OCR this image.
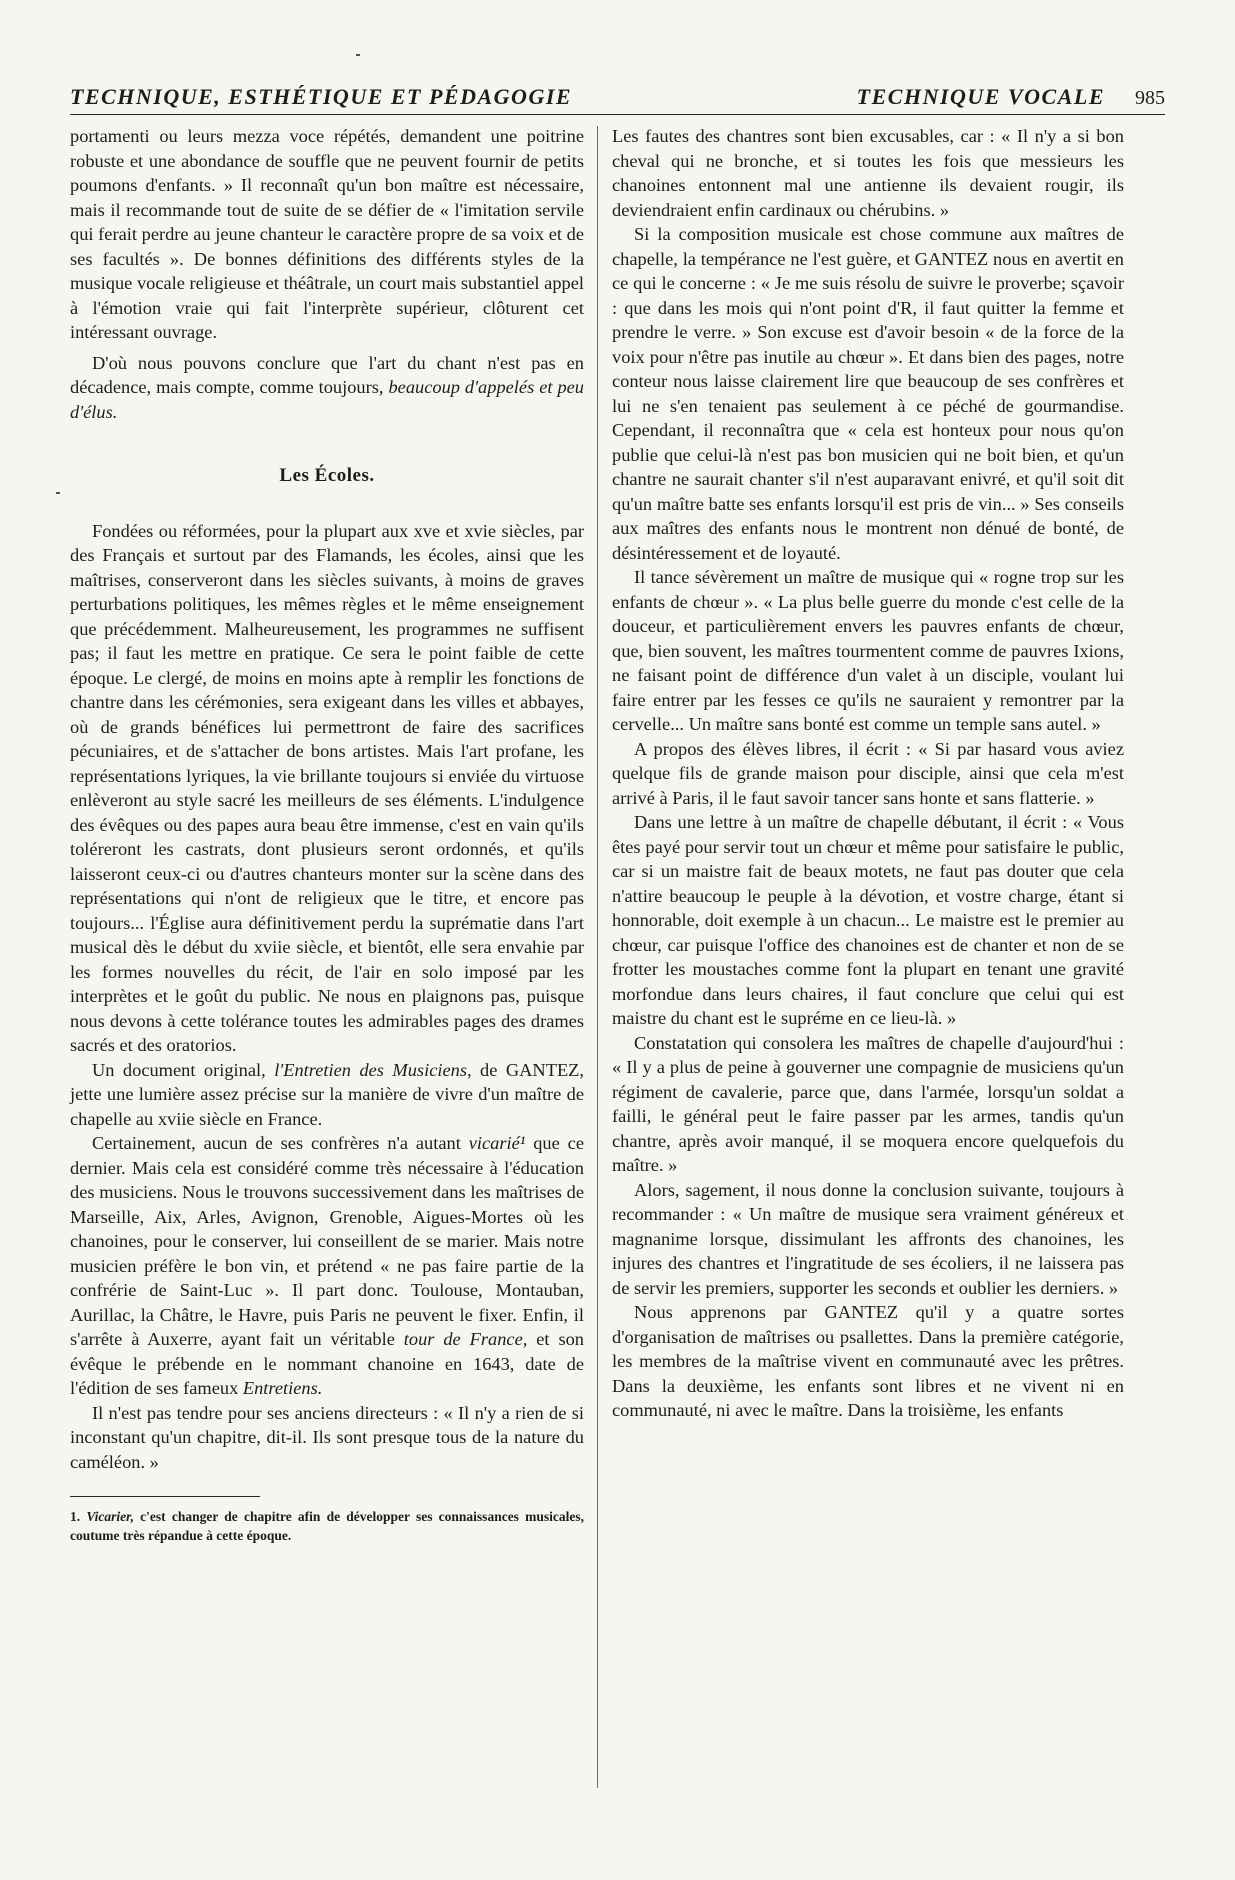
TECHNIQUE, ESTHÉTIQUE ET PÉDAGOGIE	TECHNIQUE VOCALE 985

portamenti ou leurs mezza voce répétés, demandent une poitrine robuste et une abondance de souffle que ne peuvent fournir de petits poumons d'enfants. » Il reconnaît qu'un bon maître est nécessaire, mais il recommande tout de suite de se défier de « l'imitation servile qui ferait perdre au jeune chanteur le caractère propre de sa voix et de ses facultés ». De bonnes définitions des différents styles de la musique vocale religieuse et théâtrale, un court mais substantiel appel à l'émotion vraie qui fait l'interprète supérieur, clôturent cet intéressant ouvrage.

D'où nous pouvons conclure que l'art du chant n'est pas en décadence, mais compte, comme toujours, beaucoup d'appelés et peu d'élus.

Les Écoles.

Fondées ou réformées, pour la plupart aux xve et xvie siècles, par des Français et surtout par des Flamands, les écoles, ainsi que les maîtrises, conserveront dans les siècles suivants, à moins de graves perturbations politiques, les mêmes règles et le même enseignement que précédemment. Malheureusement, les programmes ne suffisent pas; il faut les mettre en pratique. Ce sera le point faible de cette époque. Le clergé, de moins en moins apte à remplir les fonctions de chantre dans les cérémonies, sera exigeant dans les villes et abbayes, où de grands bénéfices lui permettront de faire des sacrifices pécuniaires, et de s'attacher de bons artistes. Mais l'art profane, les représentations lyriques, la vie brillante toujours si enviée du virtuose enlèveront au style sacré les meilleurs de ses éléments. L'indulgence des évêques ou des papes aura beau être immense, c'est en vain qu'ils toléreront les castrats, dont plusieurs seront ordonnés, et qu'ils laisseront ceux-ci ou d'autres chanteurs monter sur la scène dans des représentations qui n'ont de religieux que le titre, et encore pas toujours... l'Église aura définitivement perdu la suprématie dans l'art musical dès le début du xviie siècle, et bientôt, elle sera envahie par les formes nouvelles du récit, de l'air en solo imposé par les interprètes et le goût du public. Ne nous en plaignons pas, puisque nous devons à cette tolérance toutes les admirables pages des drames sacrés et des oratorios.

Un document original, l'Entretien des Musiciens, de GANTEZ, jette une lumière assez précise sur la manière de vivre d'un maître de chapelle au xviie siècle en France.

Certainement, aucun de ses confrères n'a autant vicarié¹ que ce dernier. Mais cela est considéré comme très nécessaire à l'éducation des musiciens. Nous le trouvons successivement dans les maîtrises de Marseille, Aix, Arles, Avignon, Grenoble, Aigues-Mortes où les chanoines, pour le conserver, lui conseillent de se marier. Mais notre musicien préfère le bon vin, et prétend « ne pas faire partie de la confrérie de Saint-Luc ». Il part donc. Toulouse, Montauban, Aurillac, la Châtre, le Havre, puis Paris ne peuvent le fixer. Enfin, il s'arrête à Auxerre, ayant fait un véritable tour de France, et son évêque le prébende en le nommant chanoine en 1643, date de l'édition de ses fameux Entretiens.

Il n'est pas tendre pour ses anciens directeurs : « Il n'y a rien de si inconstant qu'un chapitre, dit-il. Ils sont presque tous de la nature du caméléon. »

1. Vicarier, c'est changer de chapitre afin de développer ses connaissances musicales, coutume très répandue à cette époque.

Les fautes des chantres sont bien excusables, car : « Il n'y a si bon cheval qui ne bronche, et si toutes les fois que messieurs les chanoines entonnent mal une antienne ils devaient rougir, ils deviendraient enfin cardinaux ou chérubins. »

Si la composition musicale est chose commune aux maîtres de chapelle, la tempérance ne l'est guère, et GANTEZ nous en avertit en ce qui le concerne : « Je me suis résolu de suivre le proverbe; sçavoir : que dans les mois qui n'ont point d'R, il faut quitter la femme et prendre le verre. » Son excuse est d'avoir besoin « de la force de la voix pour n'être pas inutile au chœur ». Et dans bien des pages, notre conteur nous laisse clairement lire que beaucoup de ses confrères et lui ne s'en tenaient pas seulement à ce péché de gourmandise. Cependant, il reconnaîtra que « cela est honteux pour nous qu'on publie que celui-là n'est pas bon musicien qui ne boit bien, et qu'un chantre ne saurait chanter s'il n'est auparavant enivré, et qu'il soit dit qu'un maître batte ses enfants lorsqu'il est pris de vin... » Ses conseils aux maîtres des enfants nous le montrent non dénué de bonté, de désintéressement et de loyauté.

Il tance sévèrement un maître de musique qui « rogne trop sur les enfants de chœur ». « La plus belle guerre du monde c'est celle de la douceur, et particulièrement envers les pauvres enfants de chœur, que, bien souvent, les maîtres tourmentent comme de pauvres Ixions, ne faisant point de différence d'un valet à un disciple, voulant lui faire entrer par les fesses ce qu'ils ne sauraient y remontrer par la cervelle... Un maître sans bonté est comme un temple sans autel. »

A propos des élèves libres, il écrit : « Si par hasard vous aviez quelque fils de grande maison pour disciple, ainsi que cela m'est arrivé à Paris, il le faut savoir tancer sans honte et sans flatterie. »

Dans une lettre à un maître de chapelle débutant, il écrit : « Vous êtes payé pour servir tout un chœur et même pour satisfaire le public, car si un maistre fait de beaux motets, ne faut pas douter que cela n'attire beaucoup le peuple à la dévotion, et vostre charge, étant si honnorable, doit exemple à un chacun... Le maistre est le premier au chœur, car puisque l'office des chanoines est de chanter et non de se frotter les moustaches comme font la plupart en tenant une gravité morfondue dans leurs chaires, il faut conclure que celui qui est maistre du chant est le supréme en ce lieu-là. »

Constatation qui consolera les maîtres de chapelle d'aujourd'hui : « Il y a plus de peine à gouverner une compagnie de musiciens qu'un régiment de cavalerie, parce que, dans l'armée, lorsqu'un soldat a failli, le général peut le faire passer par les armes, tandis qu'un chantre, après avoir manqué, il se moquera encore quelquefois du maître. »

Alors, sagement, il nous donne la conclusion suivante, toujours à recommander : « Un maître de musique sera vraiment généreux et magnanime lorsque, dissimulant les affronts des chanoines, les injures des chantres et l'ingratitude de ses écoliers, il ne laissera pas de servir les premiers, supporter les seconds et oublier les derniers. »

Nous apprenons par GANTEZ qu'il y a quatre sortes d'organisation de maîtrises ou psallettes. Dans la première catégorie, les membres de la maîtrise vivent en communauté avec les prêtres. Dans la deuxième, les enfants sont libres et ne vivent ni en communauté, ni avec le maître. Dans la troisième, les enfants
